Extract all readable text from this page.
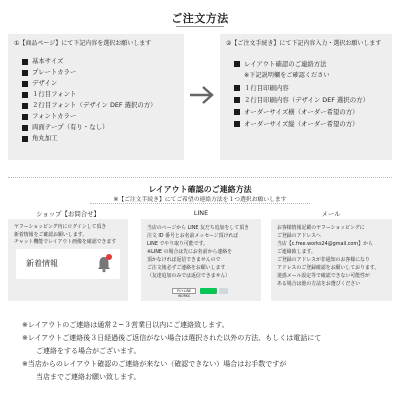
ご注文方法
①【商品ページ】にて下記内容を選択お願いします
基本サイズ
プレートカラー
デザイン
１行目フォント
２行目フォント（デザイン DEF 選択の方）
フォントカラー
両面テープ（有り・なし）
角丸加工
②【ご注文手続き】にて下記内容入力・選択お願いします
レイアウト確認のご連絡方法
※下記説明欄をご確認ください
１行目印刷内容
２行目印刷内容（デザイン DEF 選択の方）
オーダーサイズ横（オーダー希望の方）
オーダーサイズ縦（オーダー希望の方）
レイアウト確認のご連絡方法
※【ご注文手続き】にてご希望の連絡方法を１つ選択お願いします
ショップ【お問合せ】	LINE	メール
ヤフーショッピング内にログインして頂き
新着情報をご確認お願いします。
チャット機能でレイアウト画像を確認できます
新着情報
当店のページから LINE 友だち追加をして頂き
注文 ID 番号とお名前メッセージ頂ければ
LINE でやり取り可能です。
※LINE の場合は先にお名前から連絡を
頂かなければ返信できませんので
ご注文後必ずご連絡をお願いします
（友達追加のみでは返信できません）
PC+LINE WORKS
お客様情報記載のヤフーショッピングに
ご登録のアドレスへ
当店【c.free.works24@gmail.com】から
ご連絡致します。
ご登録のアドレスが非通知のお客様になり
アドレスのご登録確認をお願いしております。
迷惑メール設定等で確認できない可能性が
ある場合は他の方法をお選びください
※レイアウトのご連絡は通常２~３営業日以内にご連絡致します。
※レイアウトご連絡後３日経過後ご返信がない場合は選択された以外の方法、もしくは電話にて
ご連絡をする場合がございます。
※当店からのレイアウト確認のご連絡が来ない（確認できない）場合はお手数ですが
当店までご連絡お願い致します。
